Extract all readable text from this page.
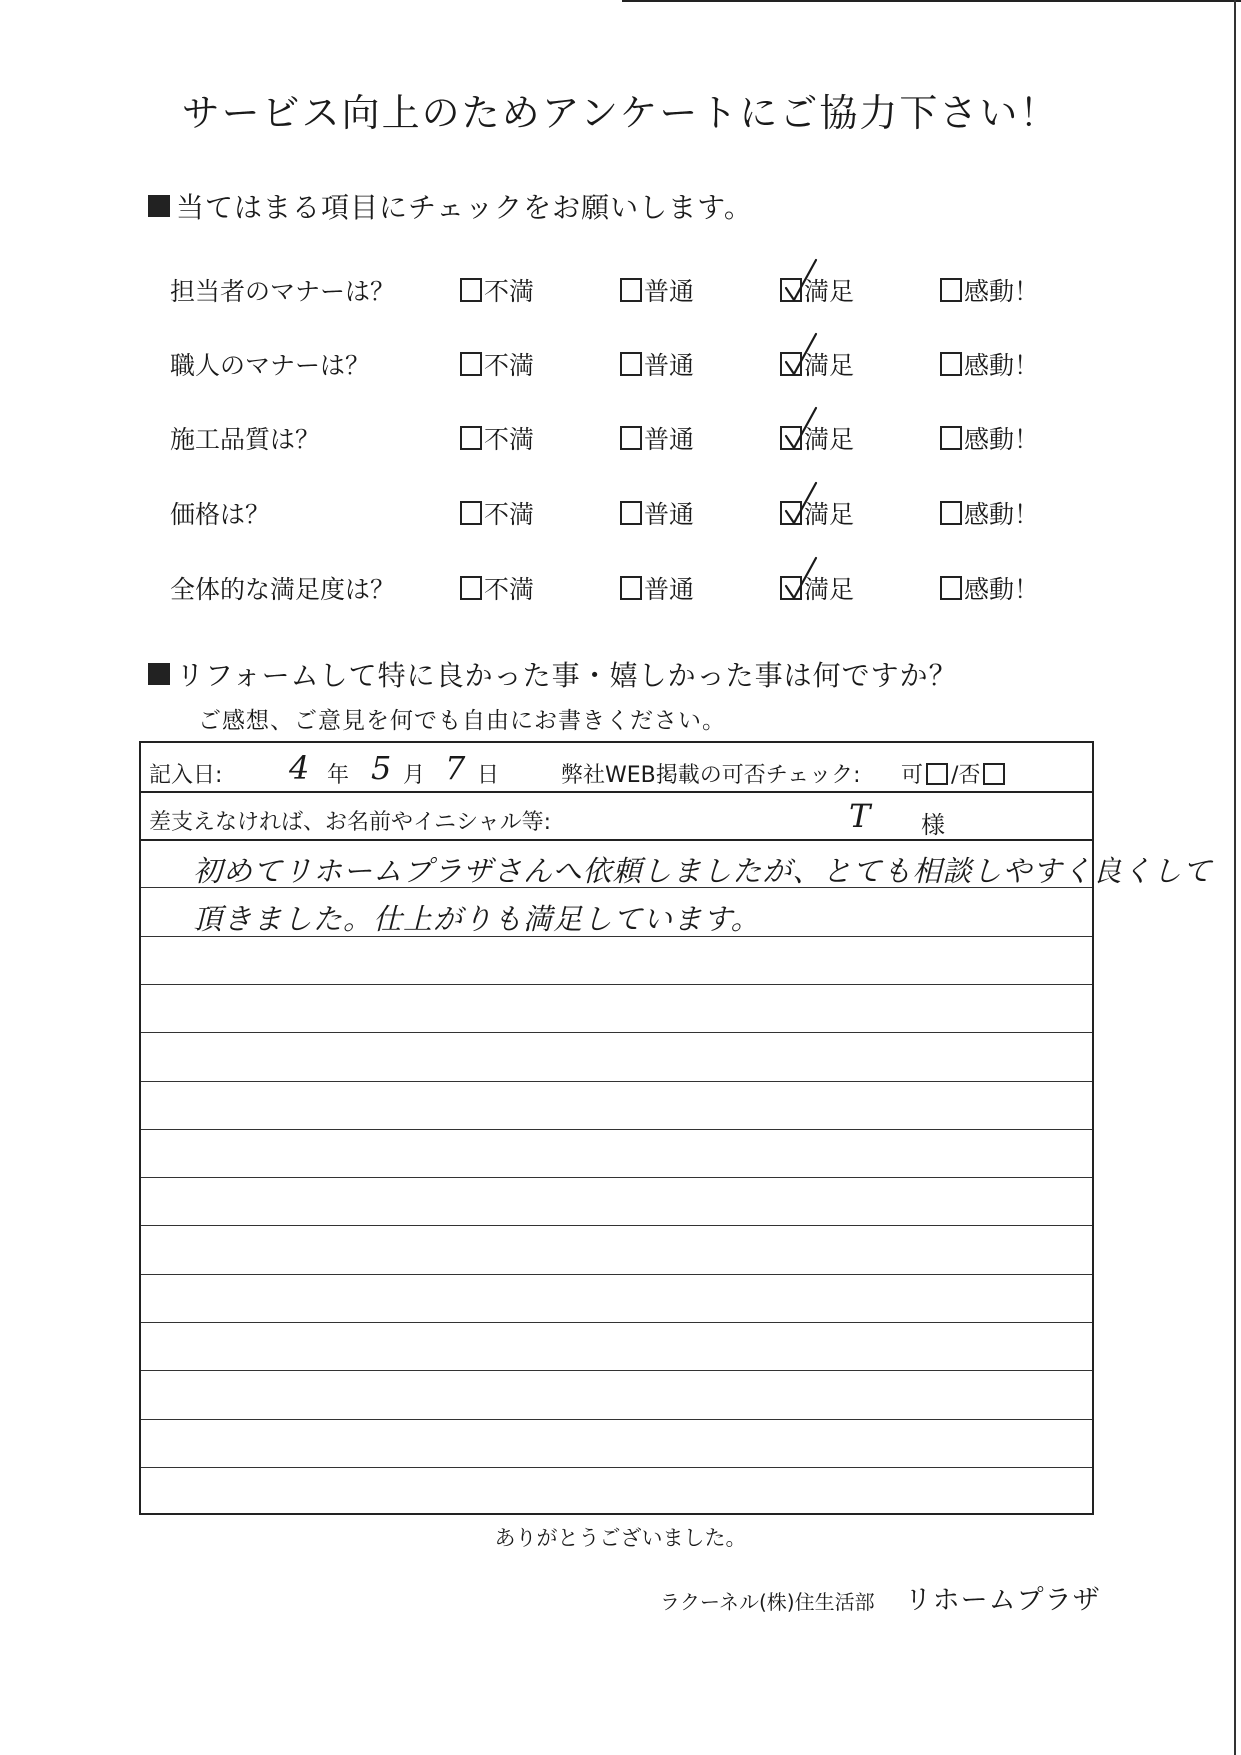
サービス向上のためアンケートにご協力下さい！
当てはまる項目にチェックをお願いします。
担当者のマナーは？	不満	普通	満足	感動！
職人のマナーは？	不満	普通	満足	感動！
施工品質は？	不満	普通	満足	感動！
価格は？	不満	普通	満足	感動！
全体的な満足度は？	不満	普通	満足	感動！
リフォームして特に良かった事・嬉しかった事は何ですか？

ご感想、ご意見を何でも自由にお書きください。

記入日: 4 年 5 月 7 日	弊社WEB掲載の可否チェック: 可 /否
差支えなければ、お名前やイニシャル等:	T 様
初めてリホームプラザさんへ依頼しましたが、とても相談しやすく良くして
頂きました。仕上がりも満足しています。

ありがとうございました。

ラクーネル(株)住生活部 リホームプラザ
